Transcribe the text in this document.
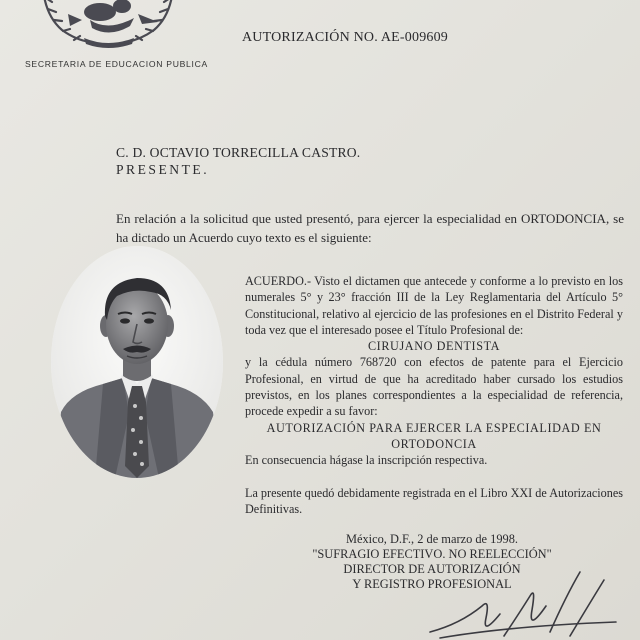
SECRETARIA DE EDUCACION PUBLICA
AUTORIZACIÓN NO. AE-009609
C. D. OCTAVIO TORRECILLA CASTRO.
PRESENTE.

En relación a la solicitud que usted presentó, para ejercer la especialidad en ORTODONCIA, se ha dictado un Acuerdo cuyo texto es el siguiente:

ACUERDO.- Visto el dictamen que antecede y conforme a lo previsto en los numerales 5° y 23° fracción III de la Ley Reglamentaria del Artículo 5° Constitucional, relativo al ejercicio de las profesiones en el Distrito Federal y toda vez que el interesado posee el Título Profesional de:

CIRUJANO DENTISTA

y la cédula número 768720 con efectos de patente para el Ejercicio Profesional, en virtud de que ha acreditado haber cursado los estudios previstos, en los planes correspondientes a la especialidad de referencia, procede expedir a su favor:

AUTORIZACIÓN PARA EJERCER LA ESPECIALIDAD EN
ORTODONCIA

En consecuencia hágase la inscripción respectiva.

La presente quedó debidamente registrada en el Libro XXI de Autorizaciones Definitivas.

México, D.F., 2 de marzo de 1998.

"SUFRAGIO EFECTIVO. NO REELECCIÓN"

DIRECTOR DE AUTORIZACIÓN

Y REGISTRO PROFESIONAL
